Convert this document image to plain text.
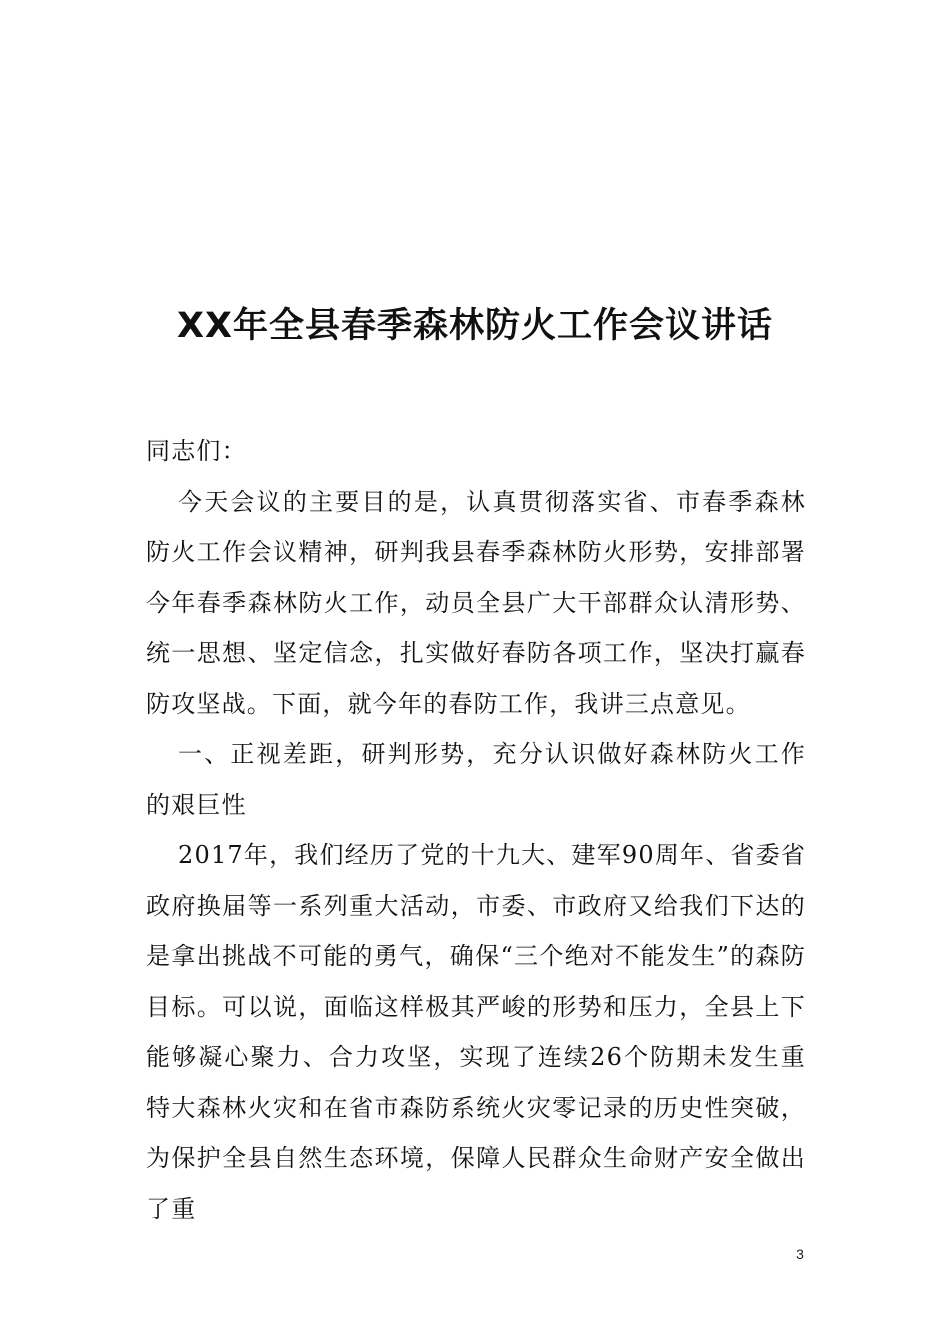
XX年全县春季森林防火工作会议讲话

同志们：

今天会议的主要目的是，认真贯彻落实省、市春季森林防火工作会议精神，研判我县春季森林防火形势，安排部署今年春季森林防火工作，动员全县广大干部群众认清形势、统一思想、坚定信念，扎实做好春防各项工作，坚决打赢春防攻坚战。下面，就今年的春防工作，我讲三点意见。

一、正视差距，研判形势，充分认识做好森林防火工作的艰巨性

2017年，我们经历了党的十九大、建军90周年、省委省政府换届等一系列重大活动，市委、市政府又给我们下达的是拿出挑战不可能的勇气，确保“三个绝对不能发生”的森防目标。可以说，面临这样极其严峻的形势和压力，全县上下能够凝心聚力、合力攻坚，实现了连续26个防期未发生重特大森林火灾和在省市森防系统火灾零记录的历史性突破，为保护全县自然生态环境，保障人民群众生命财产安全做出了重

3
